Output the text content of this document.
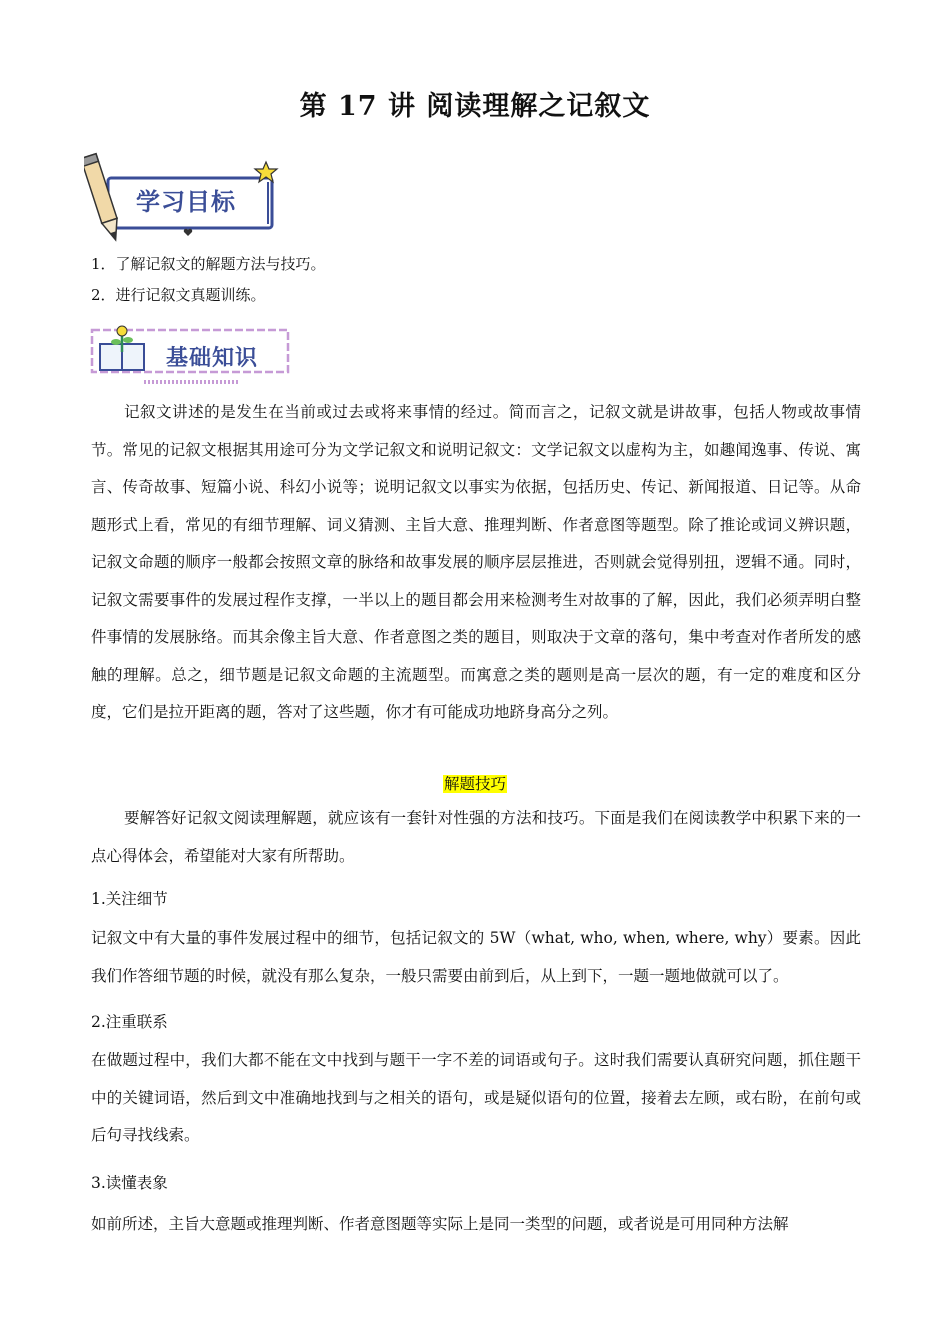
第 17 讲 阅读理解之记叙文
学习目标
1．了解记叙文的解题方法与技巧。
2．进行记叙文真题训练。
基础知识
记叙文讲述的是发生在当前或过去或将来事情的经过。简而言之，记叙文就是讲故事，包括人物或故事情节。常见的记叙文根据其用途可分为文学记叙文和说明记叙文：文学记叙文以虚构为主，如趣闻逸事、传说、寓言、传奇故事、短篇小说、科幻小说等；说明记叙文以事实为依据，包括历史、传记、新闻报道、日记等。从命题形式上看，常见的有细节理解、词义猜测、主旨大意、推理判断、作者意图等题型。除了推论或词义辨识题，记叙文命题的顺序一般都会按照文章的脉络和故事发展的顺序层层推进，否则就会觉得别扭，逻辑不通。同时，记叙文需要事件的发展过程作支撑，一半以上的题目都会用来检测考生对故事的了解，因此，我们必须弄明白整件事情的发展脉络。而其余像主旨大意、作者意图之类的题目，则取决于文章的落句，集中考查对作者所发的感触的理解。总之，细节题是记叙文命题的主流题型。而寓意之类的题则是高一层次的题，有一定的难度和区分度，它们是拉开距离的题，答对了这些题，你才有可能成功地跻身高分之列。
解题技巧
要解答好记叙文阅读理解题，就应该有一套针对性强的方法和技巧。下面是我们在阅读教学中积累下来的一点心得体会，希望能对大家有所帮助。
1.关注细节
记叙文中有大量的事件发展过程中的细节，包括记叙文的 5W（what, who, when, where, why）要素。因此我们作答细节题的时候，就没有那么复杂，一般只需要由前到后，从上到下，一题一题地做就可以了。
2.注重联系
在做题过程中，我们大都不能在文中找到与题干一字不差的词语或句子。这时我们需要认真研究问题，抓住题干中的关键词语，然后到文中准确地找到与之相关的语句，或是疑似语句的位置，接着去左顾，或右盼，在前句或后句寻找线索。
3.读懂表象
如前所述，主旨大意题或推理判断、作者意图题等实际上是同一类型的问题，或者说是可用同种方法解
